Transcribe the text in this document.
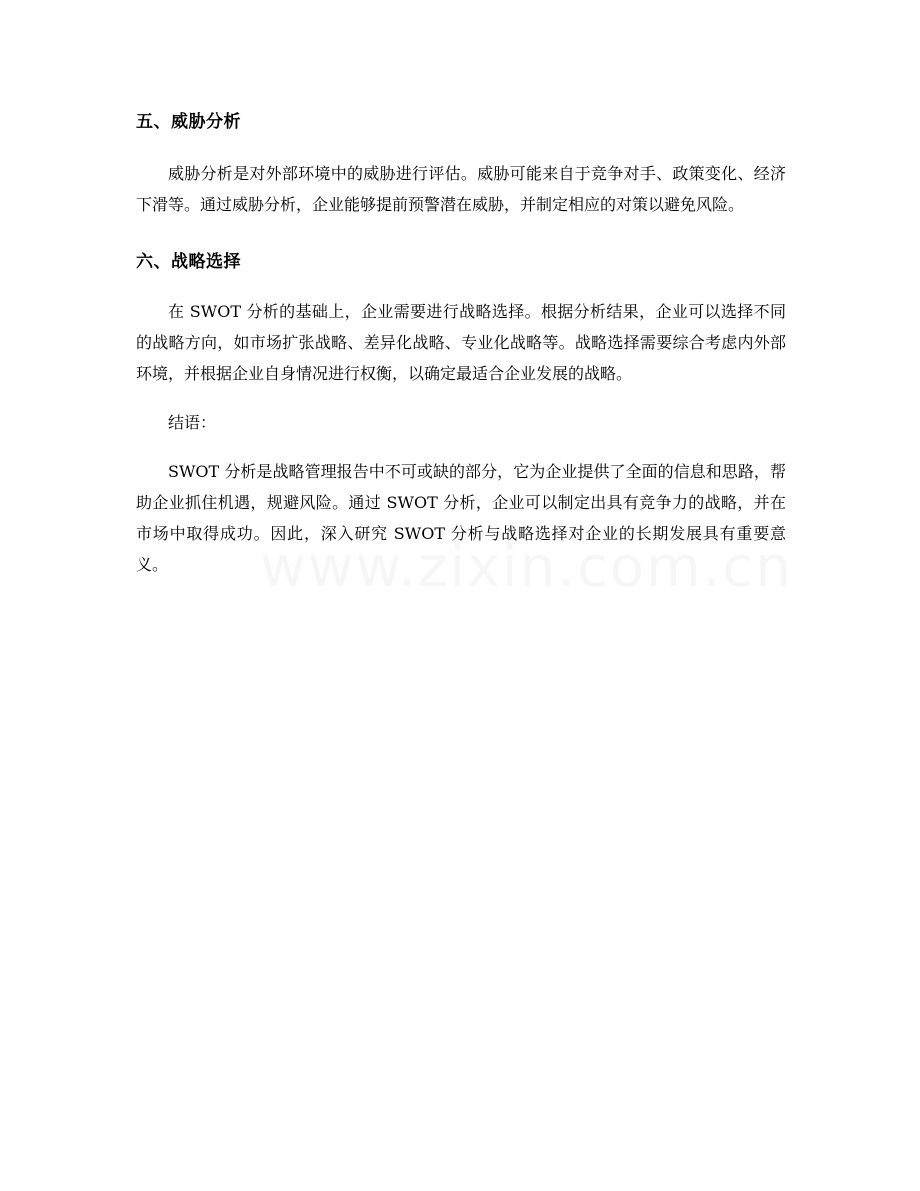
五、威胁分析

威胁分析是对外部环境中的威胁进行评估。威胁可能来自于竞争对手、政策变化、经济下滑等。通过威胁分析，企业能够提前预警潜在威胁，并制定相应的对策以避免风险。

六、战略选择

在 SWOT 分析的基础上，企业需要进行战略选择。根据分析结果，企业可以选择不同的战略方向，如市场扩张战略、差异化战略、专业化战略等。战略选择需要综合考虑内外部环境，并根据企业自身情况进行权衡，以确定最适合企业发展的战略。

结语：

SWOT 分析是战略管理报告中不可或缺的部分，它为企业提供了全面的信息和思路，帮助企业抓住机遇，规避风险。通过 SWOT 分析，企业可以制定出具有竞争力的战略，并在市场中取得成功。因此，深入研究 SWOT 分析与战略选择对企业的长期发展具有重要意义。
